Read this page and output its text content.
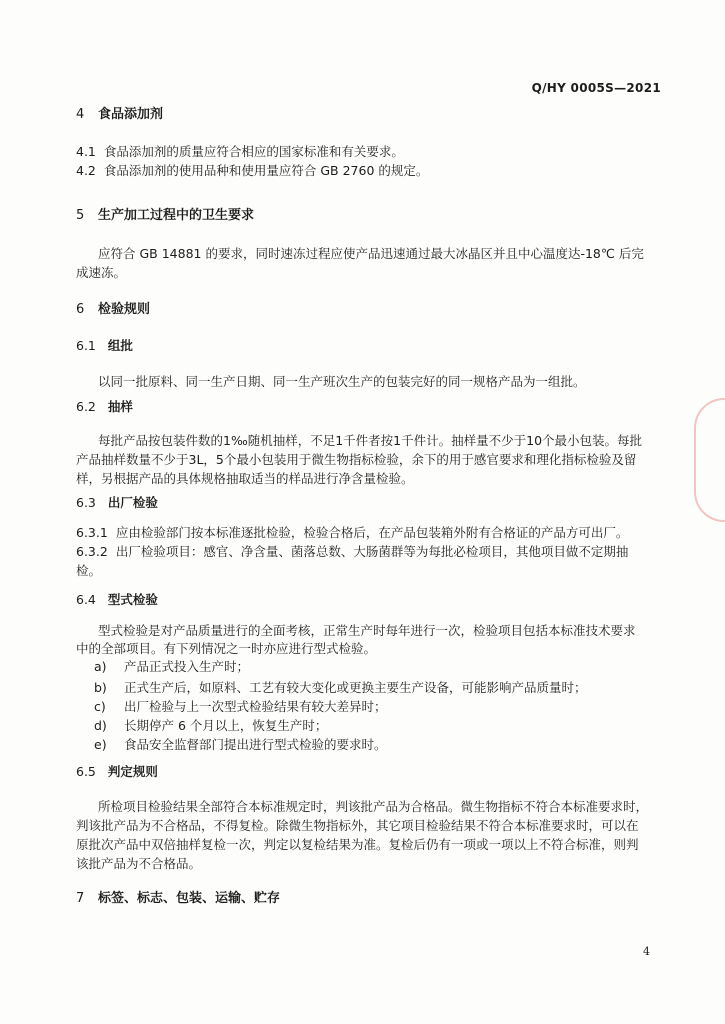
Q/HY 0005S—2021
4 食品添加剂
4.1 食品添加剂的质量应符合相应的国家标准和有关要求。
4.2 食品添加剂的使用品种和使用量应符合 GB 2760 的规定。
5 生产加工过程中的卫生要求
应符合 GB 14881 的要求，同时速冻过程应使产品迅速通过最大冰晶区并且中心温度达-18℃ 后完
成速冻。
6 检验规则
6.1 组批
以同一批原料、同一生产日期、同一生产班次生产的包装完好的同一规格产品为一组批。
6.2 抽样
每批产品按包装件数的1‰随机抽样，不足1千件者按1千件计。抽样量不少于10个最小包装。每批
产品抽样数量不少于3L，5个最小包装用于微生物指标检验，余下的用于感官要求和理化指标检验及留
样，另根据产品的具体规格抽取适当的样品进行净含量检验。
6.3 出厂检验
6.3.1 应由检验部门按本标准逐批检验，检验合格后，在产品包装箱外附有合格证的产品方可出厂。
6.3.2 出厂检验项目：感官、净含量、菌落总数、大肠菌群等为每批必检项目，其他项目做不定期抽
检。
6.4 型式检验
型式检验是对产品质量进行的全面考核，正常生产时每年进行一次，检验项目包括本标准技术要求
中的全部项目。有下列情况之一时亦应进行型式检验。
a) 产品正式投入生产时；
b) 正式生产后，如原料、工艺有较大变化或更换主要生产设备，可能影响产品质量时；
c) 出厂检验与上一次型式检验结果有较大差异时；
d) 长期停产 6 个月以上，恢复生产时；
e) 食品安全监督部门提出进行型式检验的要求时。
6.5 判定规则
所检项目检验结果全部符合本标准规定时，判该批产品为合格品。微生物指标不符合本标准要求时，
判该批产品为不合格品，不得复检。除微生物指标外，其它项目检验结果不符合本标准要求时，可以在
原批次产品中双倍抽样复检一次，判定以复检结果为准。复检后仍有一项或一项以上不符合标准，则判
该批产品为不合格品。
7 标签、标志、包装、运输、贮存
4
